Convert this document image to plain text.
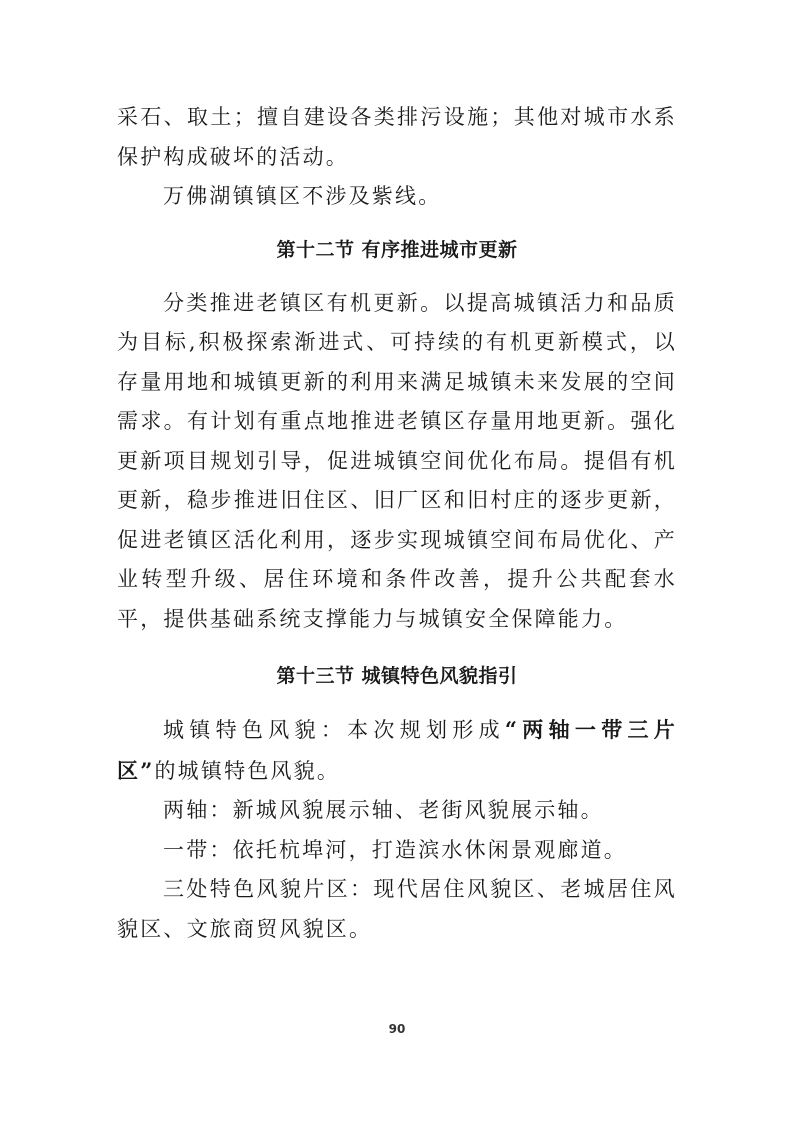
采石、取土；擅自建设各类排污设施；其他对城市水系保护构成破坏的活动。

万佛湖镇镇区不涉及紫线。

第十二节 有序推进城市更新

分类推进老镇区有机更新。以提高城镇活力和品质为目标,积极探索渐进式、可持续的有机更新模式，以存量用地和城镇更新的利用来满足城镇未来发展的空间需求。有计划有重点地推进老镇区存量用地更新。强化更新项目规划引导，促进城镇空间优化布局。提倡有机更新，稳步推进旧住区、旧厂区和旧村庄的逐步更新，促进老镇区活化利用，逐步实现城镇空间布局优化、产业转型升级、居住环境和条件改善，提升公共配套水平，提供基础系统支撑能力与城镇安全保障能力。

第十三节 城镇特色风貌指引

城镇特色风貌：本次规划形成“两轴一带三片区”的城镇特色风貌。

两轴：新城风貌展示轴、老街风貌展示轴。

一带：依托杭埠河，打造滨水休闲景观廊道。

三处特色风貌片区：现代居住风貌区、老城居住风貌区、文旅商贸风貌区。

90
